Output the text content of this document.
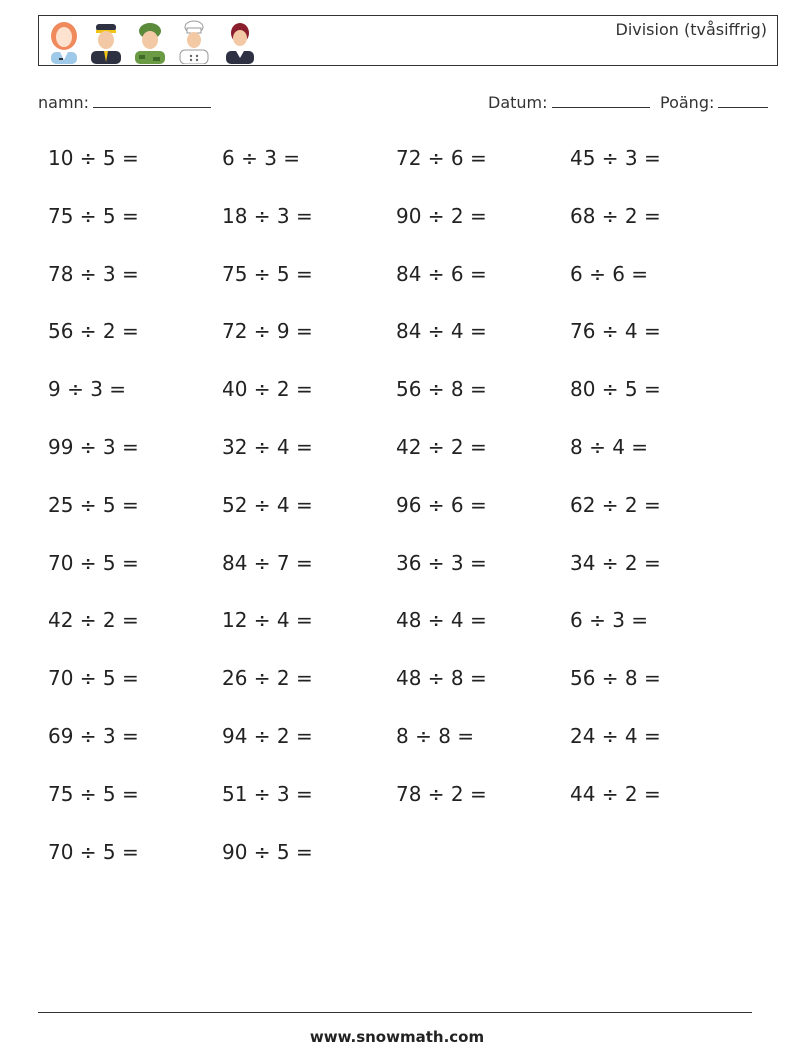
Division (tvåsiffrig)
namn:	Datum:	Poäng:
10 ÷ 5 =	6 ÷ 3 =	72 ÷ 6 =	45 ÷ 3 =
75 ÷ 5 =	18 ÷ 3 =	90 ÷ 2 =	68 ÷ 2 =
78 ÷ 3 =	75 ÷ 5 =	84 ÷ 6 =	6 ÷ 6 =
56 ÷ 2 =	72 ÷ 9 =	84 ÷ 4 =	76 ÷ 4 =
9 ÷ 3 =	40 ÷ 2 =	56 ÷ 8 =	80 ÷ 5 =
99 ÷ 3 =	32 ÷ 4 =	42 ÷ 2 =	8 ÷ 4 =
25 ÷ 5 =	52 ÷ 4 =	96 ÷ 6 =	62 ÷ 2 =
70 ÷ 5 =	84 ÷ 7 =	36 ÷ 3 =	34 ÷ 2 =
42 ÷ 2 =	12 ÷ 4 =	48 ÷ 4 =	6 ÷ 3 =
70 ÷ 5 =	26 ÷ 2 =	48 ÷ 8 =	56 ÷ 8 =
69 ÷ 3 =	94 ÷ 2 =	8 ÷ 8 =	24 ÷ 4 =
75 ÷ 5 =	51 ÷ 3 =	78 ÷ 2 =	44 ÷ 2 =
70 ÷ 5 =	90 ÷ 5 =
www.snowmath.com
